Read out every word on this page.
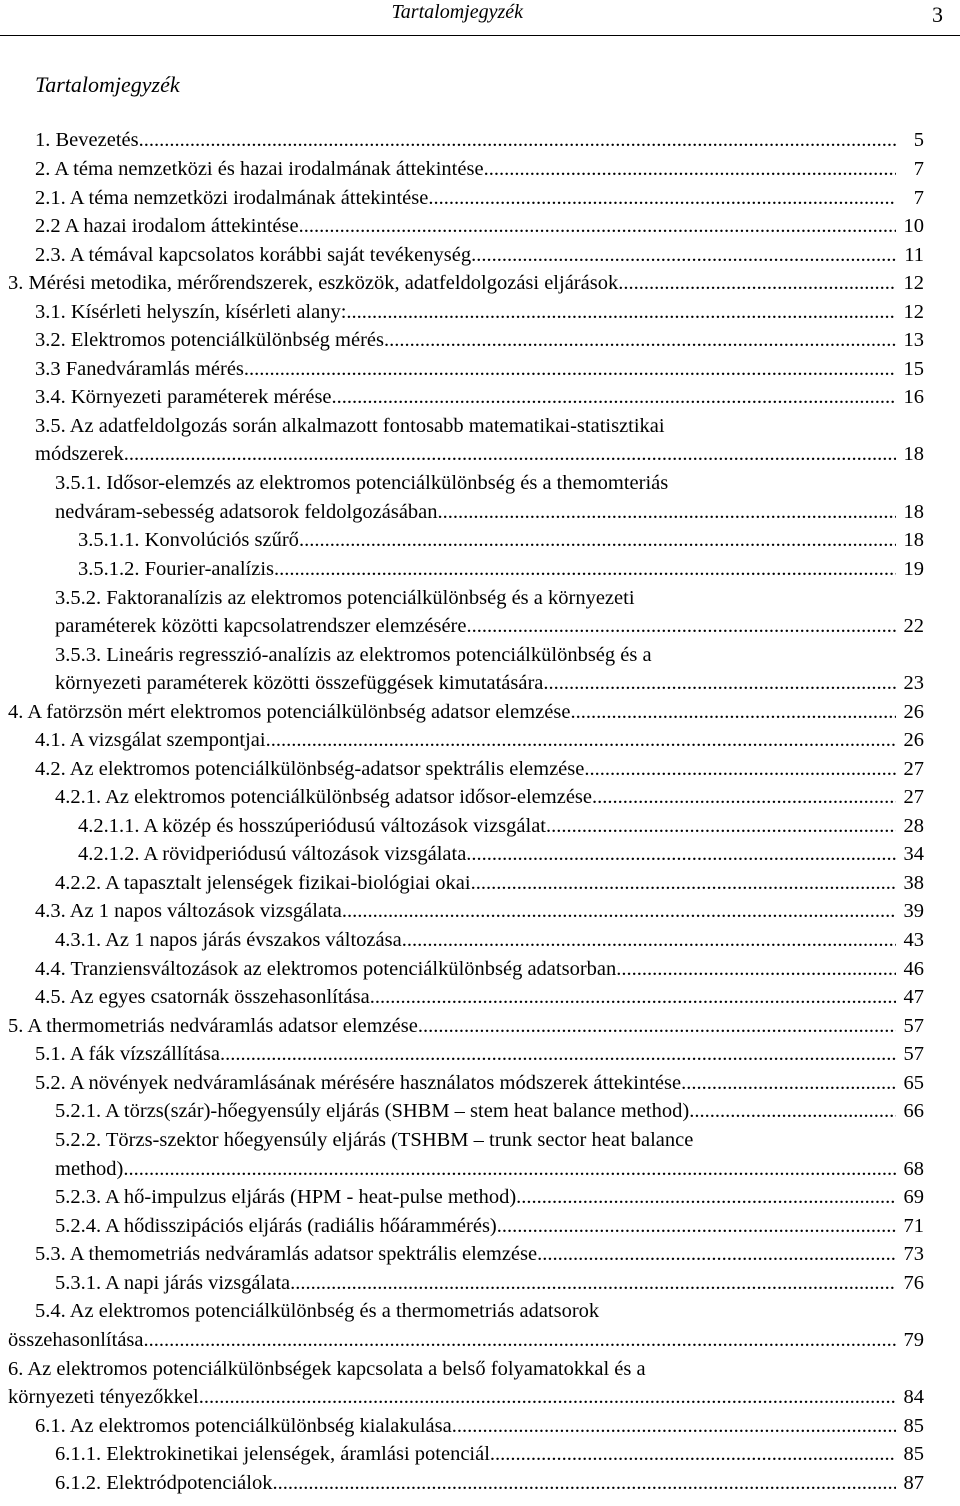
Tartalomjegyzék	3
Tartalomjegyzék
1. Bevezetés .....	5
2. A téma nemzetközi és hazai irodalmának áttekintése .....	7
2.1. A téma nemzetközi irodalmának áttekintése .....	7
2.2 A hazai irodalom áttekintése .....	10
2.3. A témával kapcsolatos korábbi saját tevékenység .....	11
3. Mérési metodika, mérőrendszerek, eszközök, adatfeldolgozási eljárások .....	12
3.1. Kísérleti helyszín, kísérleti alany: .....	12
3.2. Elektromos potenciálkülönbség mérés .....	13
3.3 Fanedváramlás mérés .....	15
3.4. Környezeti paraméterek mérése .....	16
3.5. Az adatfeldolgozás során alkalmazott fontosabb matematikai-statisztikai
módszerek .....	18
3.5.1. Idősor-elemzés az elektromos potenciálkülönbség és a themomteriás
nedváram-sebesség adatsorok feldolgozásában .....	18
3.5.1.1. Konvolúciós szűrő .....	18
3.5.1.2. Fourier-analízis .....	19
3.5.2. Faktoranalízis az elektromos potenciálkülönbség és a környezeti
paraméterek közötti kapcsolatrendszer elemzésére .....	22
3.5.3. Lineáris regresszió-analízis az elektromos potenciálkülönbség és a
környezeti paraméterek közötti összefüggések kimutatására .....	23
4. A fatörzsön mért elektromos potenciálkülönbség adatsor elemzése .....	26
4.1. A vizsgálat szempontjai .....	26
4.2. Az elektromos potenciálkülönbség-adatsor spektrális elemzése .....	27
4.2.1. Az elektromos potenciálkülönbség adatsor idősor-elemzése .....	27
4.2.1.1. A közép és hosszúperiódusú változások vizsgálat .....	28
4.2.1.2. A rövidperiódusú változások vizsgálata .....	34
4.2.2. A tapasztalt jelenségek fizikai-biológiai okai .....	38
4.3. Az 1 napos változások vizsgálata .....	39
4.3.1. Az 1 napos járás évszakos változása .....	43
4.4. Tranziensváltozások az elektromos potenciálkülönbség adatsorban .....	46
4.5. Az egyes csatornák összehasonlítása .....	47
5. A thermometriás nedváramlás adatsor elemzése .....	57
5.1. A fák vízszállítása .....	57
5.2. A növények nedváramlásának mérésére használatos módszerek áttekintése .....	65
5.2.1. A törzs(szár)-hőegyensúly eljárás (SHBM – stem heat balance method) .....	66
5.2.2. Törzs-szektor hőegyensúly eljárás (TSHBM – trunk sector heat balance
method) .....	68
5.2.3. A hő-impulzus eljárás (HPM - heat-pulse method) .....	69
5.2.4. A hődisszipációs eljárás (radiális hőárammérés) .....	71
5.3. A themometriás nedváramlás adatsor spektrális elemzése .....	73
5.3.1. A napi járás vizsgálata .....	76
5.4. Az elektromos potenciálkülönbség és a thermometriás adatsorok
összehasonlítása .....	79
6. Az elektromos potenciálkülönbségek kapcsolata a belső folyamatokkal és a
környezeti tényezőkkel .....	84
6.1. Az elektromos potenciálkülönbség kialakulása .....	85
6.1.1. Elektrokinetikai jelenségek, áramlási potenciál .....	85
6.1.2. Elektródpotenciálok .....	87
